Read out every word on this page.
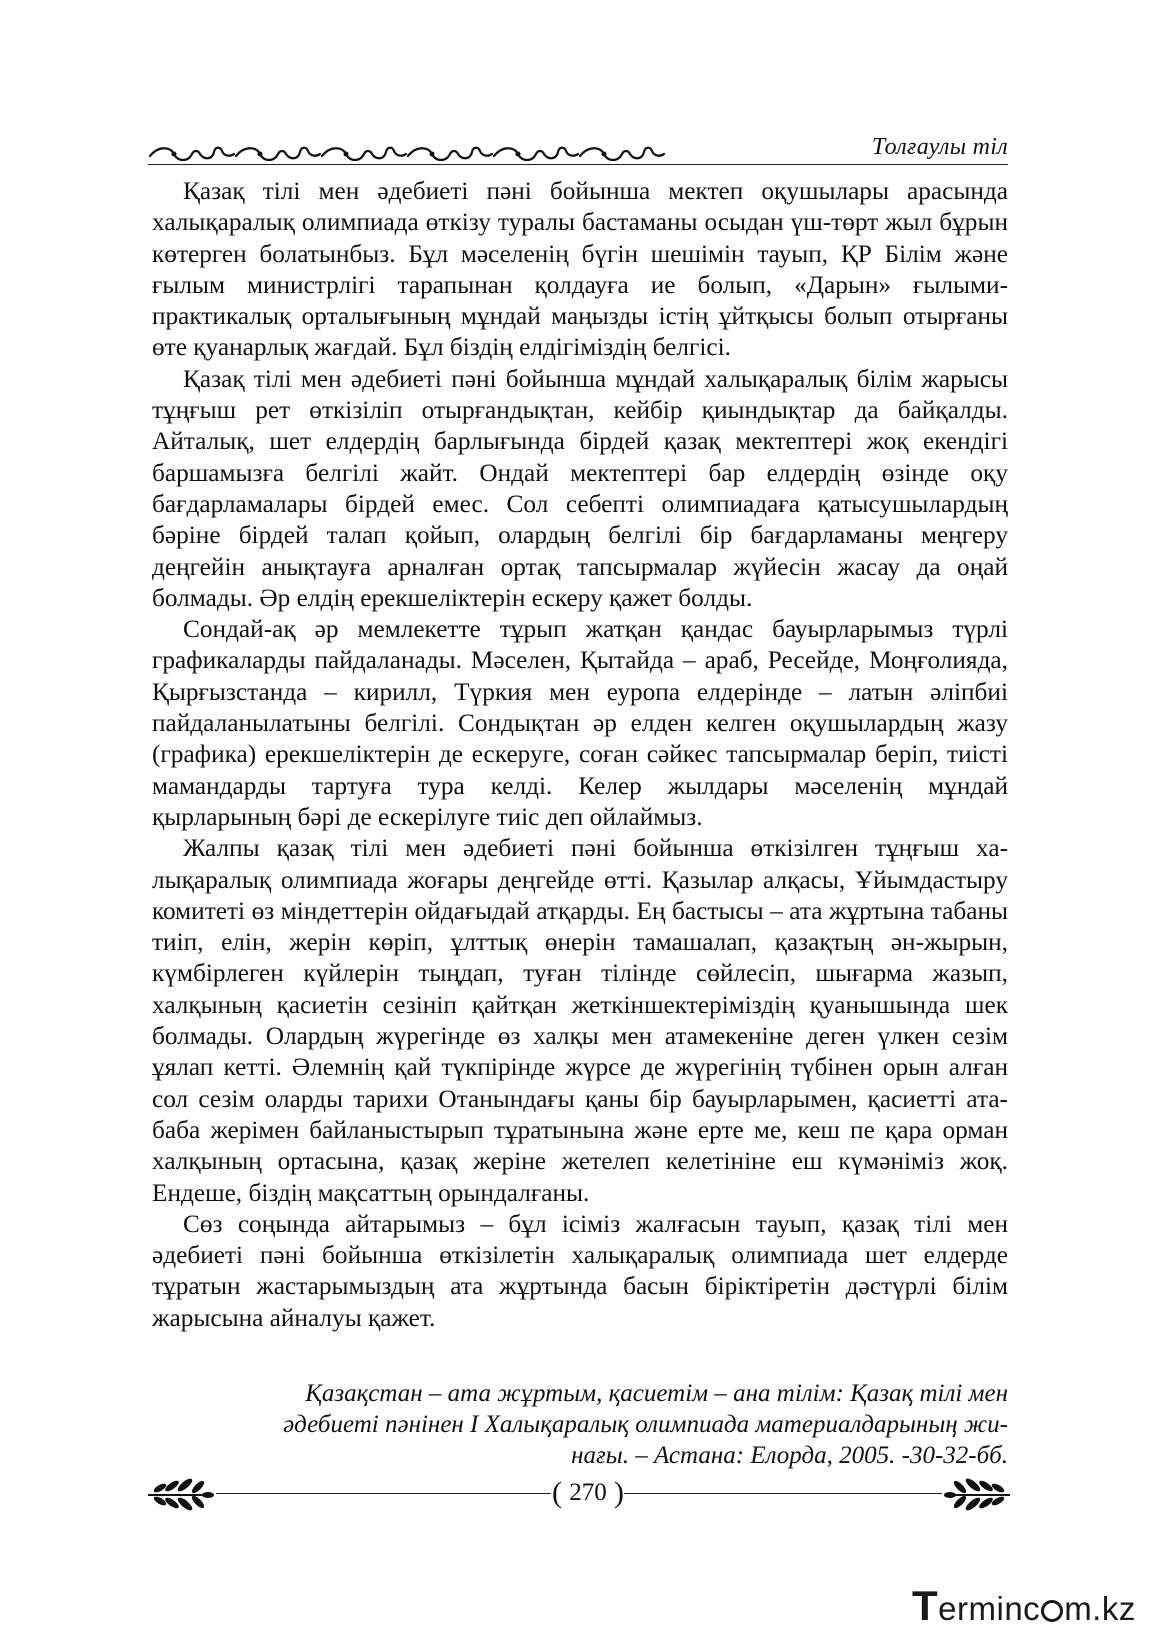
Толғаулы тіл

Қазақ тілі мен әдебиеті пәні бойынша мектеп оқушылары арасында халықаралық олимпиада өткізу туралы бастаманы осыдан үш-төрт жыл бұрын көтерген болатынбыз. Бұл мәселенің бүгін шешімін тауып, ҚР Білім және ғылым министрлігі тарапынан қолдауға ие болып, «Дарын» ғылыми-практикалық орталығының мұндай маңызды істің ұйтқысы болып отырғаны өте қуанарлық жағдай. Бұл біздің елдігіміздің белгісі.

Қазақ тілі мен әдебиеті пәні бойынша мұндай халықаралық білім жарысы тұңғыш рет өткізіліп отырғандықтан, кейбір қиындықтар да байқалды. Айталық, шет елдердің барлығында бірдей қазақ мектептері жоқ екендігі баршамызға белгілі жайт. Ондай мектептері бар елдердің өзінде оқу бағдарламалары бірдей емес. Сол себепті олимпиадаға қатысушылардың бәріне бірдей талап қойып, олардың белгілі бір бағдарламаны меңгеру деңгейін анықтауға арналған ортақ тапсырмалар жүйесін жасау да оңай болмады. Әр елдің ерекшеліктерін ескеру қажет болды.

Сондай-ақ әр мемлекетте тұрып жатқан қандас бауырларымыз түрлі графикаларды пайдаланады. Мәселен, Қытайда – араб, Ресейде, Моңғолияда, Қырғызстанда – кирилл, Түркия мен еуропа елдерінде – латын әліпбиі пайдаланылатыны белгілі. Сондықтан әр елден келген оқушылардың жазу (графика) ерекшеліктерін де ескеруге, соған сәйкес тапсырмалар беріп, тиісті мамандарды тартуға тура келді. Келер жылдары мәселенің мұндай қырларының бәрі де ескерілуге тиіс деп ойлаймыз.

Жалпы қазақ тілі мен әдебиеті пәні бойынша өткізілген тұңғыш халықаралық олимпиада жоғары деңгейде өтті. Қазылар алқасы, Ұйымдастыру комитеті өз міндеттерін ойдағыдай атқарды. Ең бастысы – ата жұртына табаны тиіп, елін, жерін көріп, ұлттық өнерін тамашалап, қазақтың ән-жырын, күмбірлеген күйлерін тыңдап, туған тілінде сөйлесіп, шығарма жазып, халқының қасиетін сезініп қайтқан жеткіншектеріміздің қуанышында шек болмады. Олардың жүрегінде өз халқы мен атамекеніне деген үлкен сезім ұялап кетті. Әлемнің қай түкпірінде жүрсе де жүрегінің түбінен орын алған сол сезім оларды тарихи Отанындағы қаны бір бауырларымен, қасиетті ата-баба жерімен байланыстырып тұратынына және ерте ме, кеш пе қара орман халқының ортасына, қазақ жеріне жетелеп келетініне еш күмәніміз жоқ. Ендеше, біздің мақсаттың орындалғаны.

Сөз соңында айтарымыз – бұл ісіміз жалғасын тауып, қазақ тілі мен әдебиеті пәні бойынша өткізілетін халықаралық олимпиада шет елдерде тұратын жастарымыздың ата жұртында басын біріктіретін дәстүрлі білім жарысына айналуы қажет.

Қазақстан – ата жұртым, қасиетім – ана тілім: Қазақ тілі мен
әдебиеті пәнінен І Халықаралық олимпиада материалдарының жи-
нағы. – Астана: Елорда, 2005. -30-32-бб.
( 270 )
Terminc m.kz
